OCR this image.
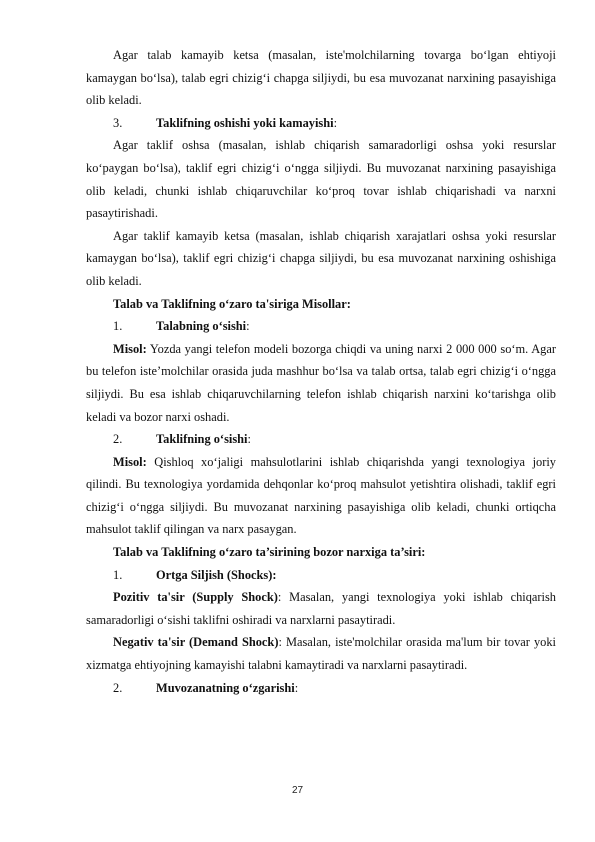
Agar talab kamayib ketsa (masalan, iste'molchilarning tovarga bo‘lgan ehtiyoji kamaygan bo‘lsa), talab egri chizig‘i chapga siljiydi, bu esa muvozanat narxining pasayishiga olib keladi.

3.	Taklifning oshishi yoki kamayishi:

Agar taklif oshsa (masalan, ishlab chiqarish samaradorligi oshsa yoki resurslar ko‘paygan bo‘lsa), taklif egri chizig‘i o‘ngga siljiydi. Bu muvozanat narxining pasayishiga olib keladi, chunki ishlab chiqaruvchilar ko‘proq tovar ishlab chiqarishadi va narxni pasaytirishadi.

Agar taklif kamayib ketsa (masalan, ishlab chiqarish xarajatlari oshsa yoki resurslar kamaygan bo‘lsa), taklif egri chizig‘i chapga siljiydi, bu esa muvozanat narxining oshishiga olib keladi.

Talab va Taklifning o‘zaro ta'siriga Misollar:

1.	Talabning o‘sishi:

Misol: Yozda yangi telefon modeli bozorga chiqdi va uning narxi 2 000 000 so‘m. Agar bu telefon iste’molchilar orasida juda mashhur bo‘lsa va talab ortsa, talab egri chizig‘i o‘ngga siljiydi. Bu esa ishlab chiqaruvchilarning telefon ishlab chiqarish narxini ko‘tarishga olib keladi va bozor narxi oshadi.

2.	Taklifning o‘sishi:

Misol: Qishloq xo‘jaligi mahsulotlarini ishlab chiqarishda yangi texnologiya joriy qilindi. Bu texnologiya yordamida dehqonlar ko‘proq mahsulot yetishtira olishadi, taklif egri chizig‘i o‘ngga siljiydi. Bu muvozanat narxining pasayishiga olib keladi, chunki ortiqcha mahsulot taklif qilingan va narx pasaygan.

Talab va Taklifning o‘zaro ta’sirining bozor narxiga ta’siri:

1.	Ortga Siljish (Shocks):

Pozitiv ta'sir (Supply Shock): Masalan, yangi texnologiya yoki ishlab chiqarish samaradorligi o‘sishi taklifni oshiradi va narxlarni pasaytiradi.

Negativ ta'sir (Demand Shock): Masalan, iste'molchilar orasida ma'lum bir tovar yoki xizmatga ehtiyojning kamayishi talabni kamaytiradi va narxlarni pasaytiradi.

2.	Muvozanatning o‘zgarishi:
27
